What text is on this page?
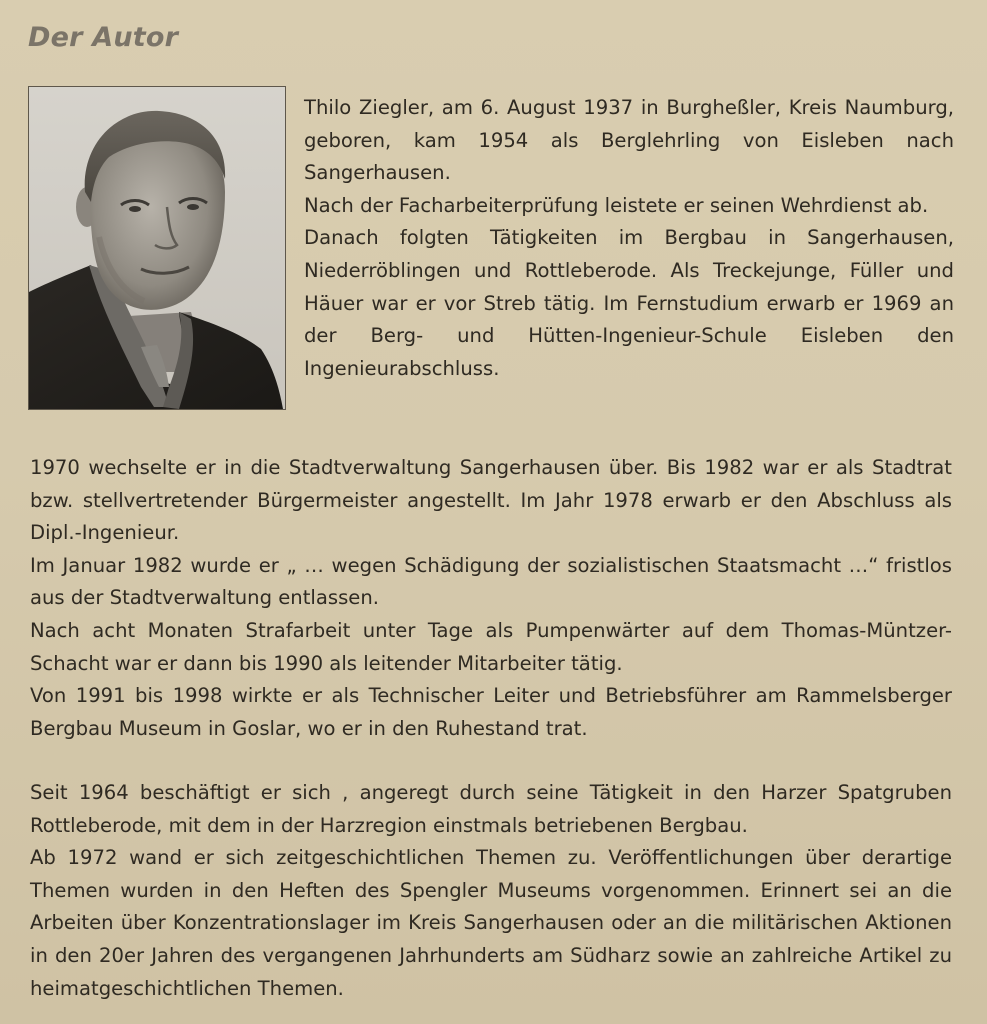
Der Autor

Thilo Ziegler, am 6. August 1937 in Burgheßler, Kreis Naumburg, geboren, kam 1954 als Berglehrling von Eisleben nach Sangerhausen.

Nach der Facharbeiterprüfung leistete er seinen Wehrdienst ab.

Danach folgten Tätigkeiten im Bergbau in Sangerhausen, Niederröblingen und Rottleberode. Als Treckejunge, Füller und Häuer war er vor Streb tätig. Im Fernstudium erwarb er 1969 an der Berg- und Hütten-Ingenieur-Schule Eisleben den Ingenieurabschluss.

1970 wechselte er in die Stadtverwaltung Sangerhausen über. Bis 1982 war er als Stadtrat bzw. stellvertretender Bürgermeister angestellt. Im Jahr 1978 erwarb er den Abschluss als Dipl.-Ingenieur.

Im Januar 1982 wurde er „ … wegen Schädigung der sozialistischen Staatsmacht …“ fristlos aus der Stadtverwaltung entlassen.

Nach acht Monaten Strafarbeit unter Tage als Pumpenwärter auf dem Thomas-Müntzer-Schacht war er dann bis 1990 als leitender Mitarbeiter tätig.

Von 1991 bis 1998 wirkte er als Technischer Leiter und Betriebsführer am Rammelsberger Bergbau Museum in Goslar, wo er in den Ruhestand trat.

Seit 1964 beschäftigt er sich , angeregt durch seine Tätigkeit in den Harzer Spatgruben Rottleberode, mit dem in der Harzregion einstmals betriebenen Bergbau.

Ab 1972 wand er sich zeitgeschichtlichen Themen zu. Veröffentlichungen über derartige Themen wurden in den Heften des Spengler Museums vorgenommen. Erinnert sei an die Arbeiten über Konzentrationslager im Kreis Sangerhausen oder an die militärischen Aktionen in den 20er Jahren des vergangenen Jahrhunderts am Südharz sowie an zahlreiche Artikel zu heimatgeschichtlichen Themen.
